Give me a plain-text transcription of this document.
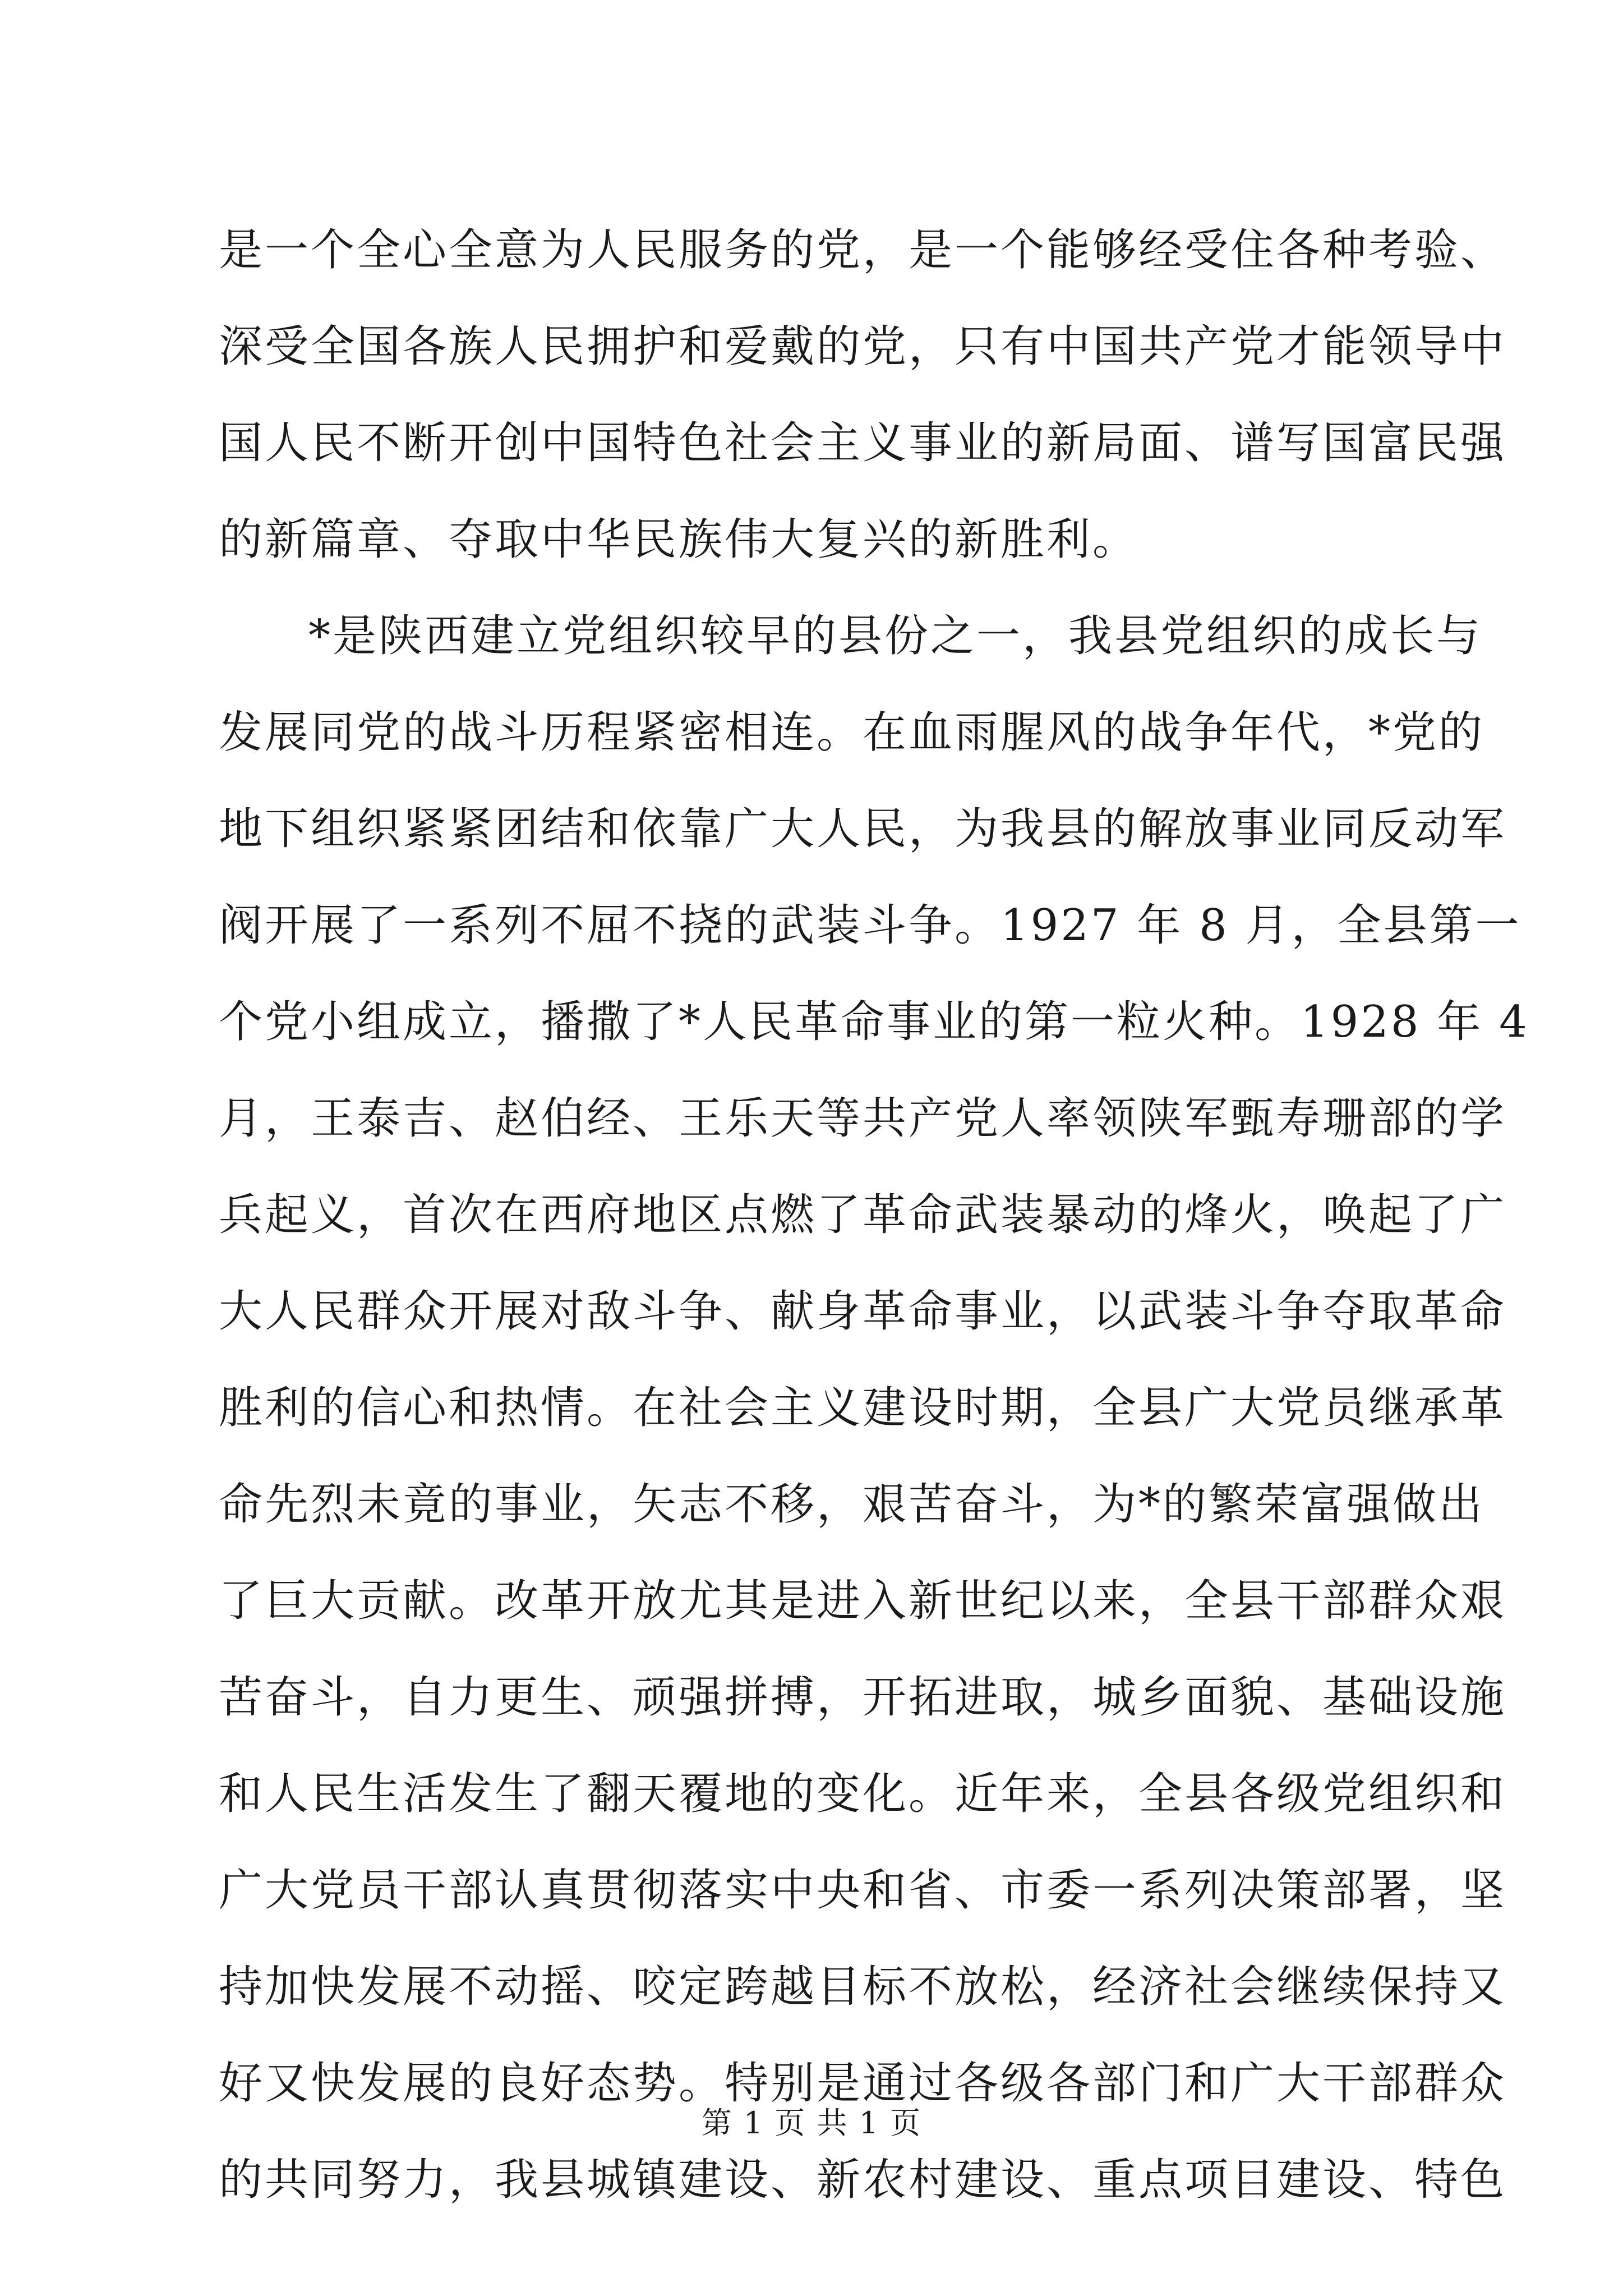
是一个全心全意为人民服务的党，是一个能够经受住各种考验、
深受全国各族人民拥护和爱戴的党，只有中国共产党才能领导中
国人民不断开创中国特色社会主义事业的新局面、谱写国富民强
的新篇章、夺取中华民族伟大复兴的新胜利。
*是陕西建立党组织较早的县份之一，我县党组织的成长与
发展同党的战斗历程紧密相连。在血雨腥风的战争年代，*党的
地下组织紧紧团结和依靠广大人民，为我县的解放事业同反动军
阀开展了一系列不屈不挠的武装斗争。1927 年 8 月，全县第一
个党小组成立，播撒了*人民革命事业的第一粒火种。1928 年 4
月，王泰吉、赵伯经、王乐天等共产党人率领陕军甄寿珊部的学
兵起义，首次在西府地区点燃了革命武装暴动的烽火，唤起了广
大人民群众开展对敌斗争、献身革命事业，以武装斗争夺取革命
胜利的信心和热情。在社会主义建设时期，全县广大党员继承革
命先烈未竟的事业，矢志不移，艰苦奋斗，为*的繁荣富强做出
了巨大贡献。改革开放尤其是进入新世纪以来，全县干部群众艰
苦奋斗，自力更生、顽强拼搏，开拓进取，城乡面貌、基础设施
和人民生活发生了翻天覆地的变化。近年来，全县各级党组织和
广大党员干部认真贯彻落实中央和省、市委一系列决策部署，坚
持加快发展不动摇、咬定跨越目标不放松，经济社会继续保持又
好又快发展的良好态势。特别是通过各级各部门和广大干部群众
的共同努力，我县城镇建设、新农村建设、重点项目建设、特色
第 1 页 共 1 页
